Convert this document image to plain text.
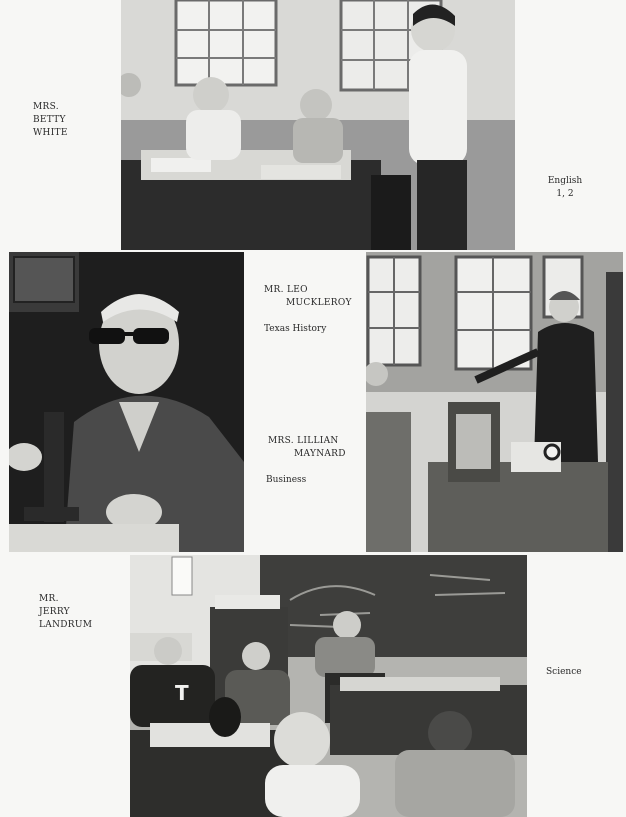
MRS.
BETTY
WHITE
English
1, 2
MR. LEO
MUCKLEROY
Texas History
MRS. LILLIAN
MAYNARD
Business
T
MR.
JERRY
LANDRUM
Science
